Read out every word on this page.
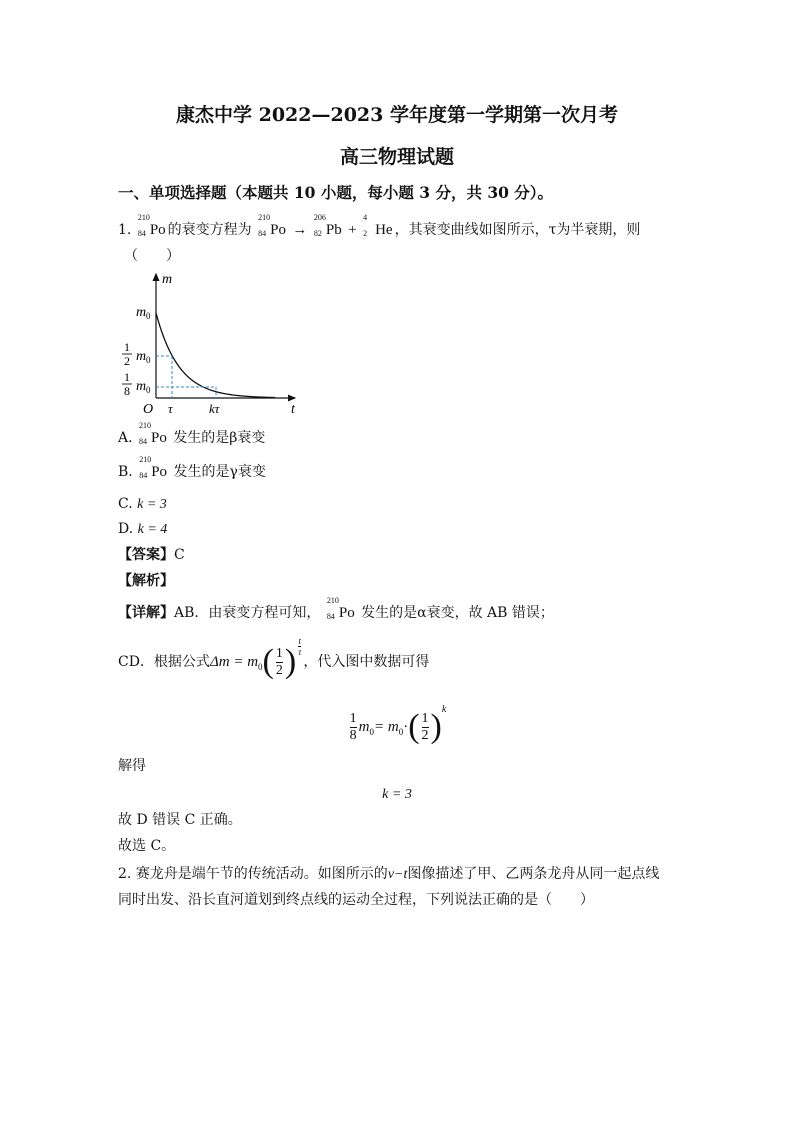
康杰中学 2022—2023 学年度第一学期第一次月考
高三物理试题
一、单项选择题（本题共 10 小题，每小题 3 分，共 30 分）。
1.
210
84 Po 的衰变方程为
210
84 Po →
206
82 Pb +
4
2 He ，其衰变曲线如图所示，τ为半衰期，则
（　　）
m
t
O
m 0
1
2 m 0
1
8 m 0
τ	kτ
A.
210
84 Po 发生的是β衰变
B.
210
84 Po 发生的是γ衰变
C. k = 3
D. k = 4
【答案】C
【解析】
【详解】AB．由衰变方程可知，
210
84 Po 发生的是α衰变，故 AB 错误；
CD．根据公式 Δm = m 0 ( $\frac{1}{2}$ ) $\frac{t}{\tau}$
，代入图中数据可得
$\frac{1}{8}$ m 0 = m 0 · ( $\frac{1}{2}$ ) k
解得
k = 3
故 D 错误 C 正确。
故选 C。
2. 赛龙舟是端午节的传统活动。如图所示的v−t图像描述了甲、乙两条龙舟从同一起点线
同时出发、沿长直河道划到终点线的运动全过程，下列说法正确的是（　　）
